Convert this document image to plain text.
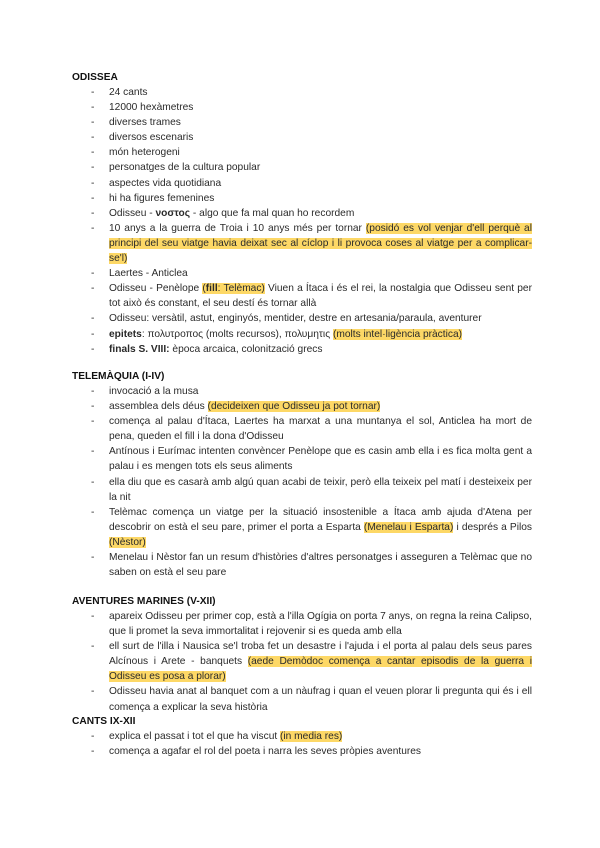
ODISSEA
- 24 cants
- 12000 hexàmetres
- diverses trames
- diversos escenaris
- món heterogeni
- personatges de la cultura popular
- aspectes vida quotidiana
- hi ha figures femenines
- Odisseu - νοστος - algo que fa mal quan ho recordem
- 10 anys a la guerra de Troia i 10 anys més per tornar (posidó es vol venjar d'ell perquè al principi del seu viatge havia deixat sec al cíclop i li provoca coses al viatge per a complicar-se'l)
- Laertes - Anticlea
- Odisseu - Penèlope (fill: Telèmac) Viuen a Ítaca i és el rei, la nostalgia que Odisseu sent per tot això és constant, el seu destí és tornar allà
- Odisseu: versàtil, astut, enginyós, mentider, destre en artesania/paraula, aventurer
- epitets: πολυτροπος (molts recursos), πολυμητις (molts intel·ligència pràctica)
- finals S. VIII: època arcaica, colonització grecs
TELEMÀQUIA (I-IV)
- invocació a la musa
- assemblea dels déus (decideixen que Odisseu ja pot tornar)
- comença al palau d'Ítaca, Laertes ha marxat a una muntanya el sol, Anticlea ha mort de pena, queden el fill i la dona d'Odisseu
- Antínous i Eurímac intenten convèncer Penèlope que es casin amb ella i es fica molta gent a palau i es mengen tots els seus aliments
- ella diu que es casarà amb algú quan acabi de teixir, però ella teixeix pel matí i desteixeix per la nit
- Telèmac comença un viatge per la situació insostenible a Ítaca amb ajuda d'Atena per descobrir on està el seu pare, primer el porta a Esparta (Menelau i Esparta) i després a Pilos (Nèstor)
- Menelau i Nèstor fan un resum d'històries d'altres personatges i asseguren a Telèmac que no saben on està el seu pare
AVENTURES MARINES (V-XII)
- apareix Odisseu per primer cop, està a l'illa Ogígia on porta 7 anys, on regna la reina Calipso, que li promet la seva immortalitat i rejovenir si es queda amb ella
- ell surt de l'illa i Nausica se'l troba fet un desastre i l'ajuda i el porta al palau dels seus pares Alcínous i Arete - banquets (aede Demòdoc comença a cantar episodis de la guerra i Odisseu es posa a plorar)
- Odisseu havia anat al banquet com a un nàufrag i quan el veuen plorar li pregunta qui és i ell comença a explicar la seva història
CANTS IX-XII
- explica el passat i tot el que ha viscut (in media res)
- comença a agafar el rol del poeta i narra les seves pròpies aventures
